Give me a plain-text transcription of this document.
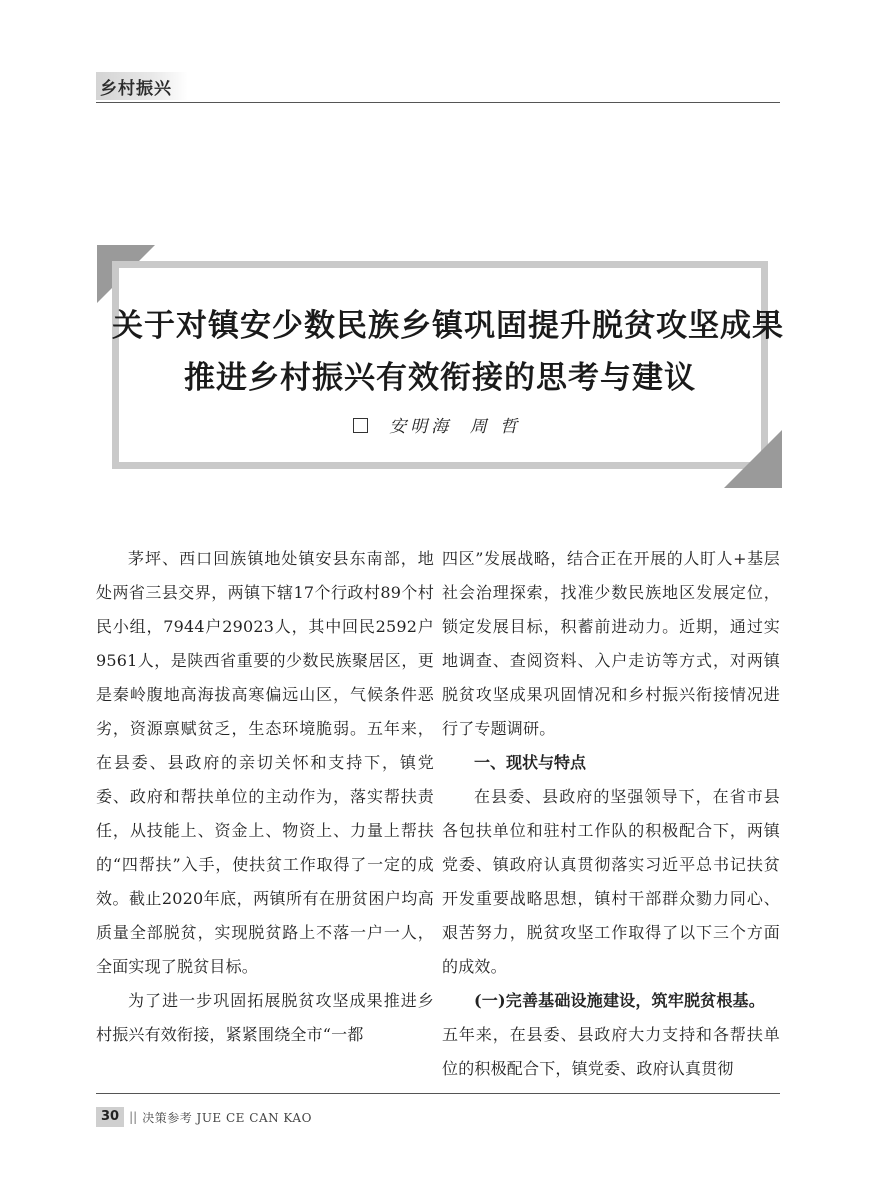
乡村振兴
关于对镇安少数民族乡镇巩固提升脱贫攻坚成果
推进乡村振兴有效衔接的思考与建议
安明海 周 哲

茅坪、西口回族镇地处镇安县东南部，地处两省三县交界，两镇下辖17个行政村89个村民小组，7944户29023人，其中回民2592户9561人，是陕西省重要的少数民族聚居区，更是秦岭腹地高海拔高寒偏远山区，气候条件恶劣，资源禀赋贫乏，生态环境脆弱。五年来，在县委、县政府的亲切关怀和支持下，镇党委、政府和帮扶单位的主动作为，落实帮扶责任，从技能上、资金上、物资上、力量上帮扶的“四帮扶”入手，使扶贫工作取得了一定的成效。截止2020年底，两镇所有在册贫困户均高质量全部脱贫，实现脱贫路上不落一户一人，全面实现了脱贫目标。

为了进一步巩固拓展脱贫攻坚成果推进乡村振兴有效衔接，紧紧围绕全市“一都

四区”发展战略，结合正在开展的人盯人+基层社会治理探索，找准少数民族地区发展定位，锁定发展目标，积蓄前进动力。近期，通过实地调查、查阅资料、入户走访等方式，对两镇脱贫攻坚成果巩固情况和乡村振兴衔接情况进行了专题调研。

一、现状与特点

在县委、县政府的坚强领导下，在省市县各包扶单位和驻村工作队的积极配合下，两镇党委、镇政府认真贯彻落实习近平总书记扶贫开发重要战略思想，镇村干部群众勠力同心、艰苦努力，脱贫攻坚工作取得了以下三个方面的成效。

(一)完善基础设施建设，筑牢脱贫根基。

五年来，在县委、县政府大力支持和各帮扶单位的积极配合下，镇党委、政府认真贯彻

30 || 决策参考 JUE CE CAN KAO
